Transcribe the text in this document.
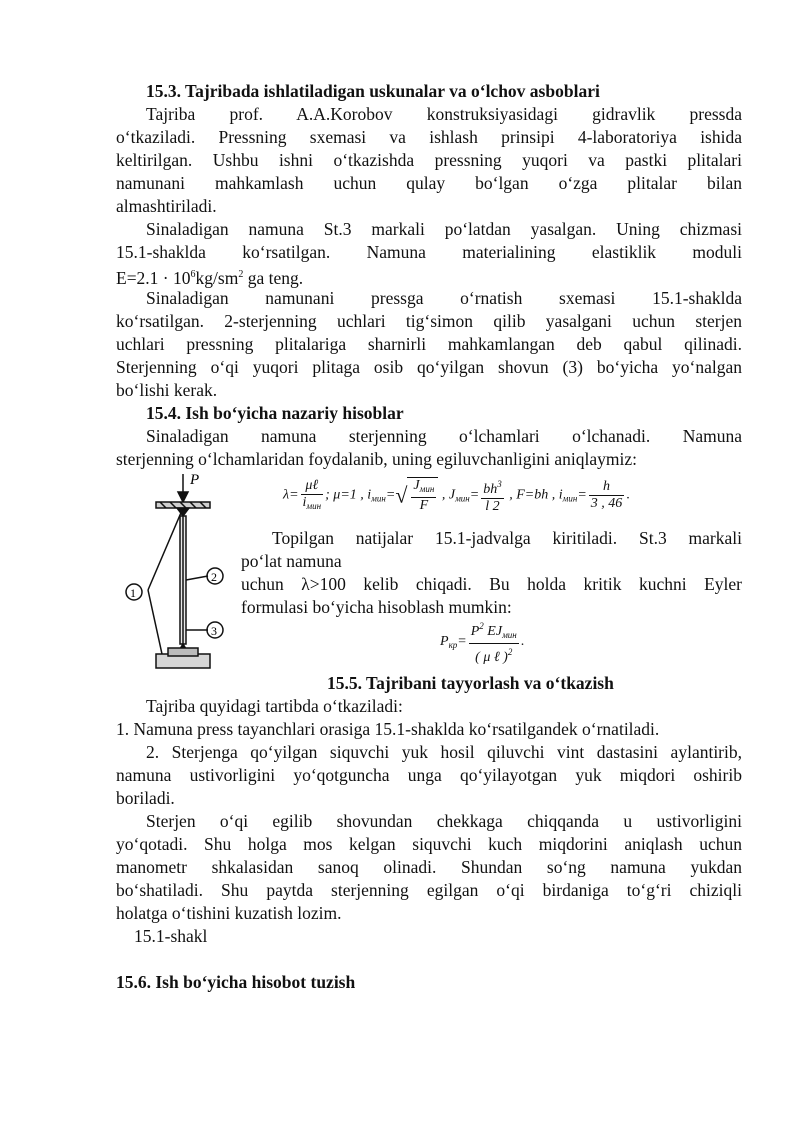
15.3. Tajribada ishlatiladigan uskunalar va o‘lchov asboblari
Tajriba prof. A.A.Korobov konstruksiyasidagi gidravlik pressda
o‘tkaziladi. Pressning sxemasi va ishlash prinsipi 4-laboratoriya ishida
keltirilgan. Ushbu ishni o‘tkazishda pressning yuqori va pastki plitalari
namunani mahkamlash uchun qulay bo‘lgan o‘zga plitalar bilan
almashtiriladi.
Sinaladigan namuna St.3 markali po‘latdan yasalgan. Uning chizmasi
15.1-shaklda ko‘rsatilgan. Namuna materialining elastiklik moduli
$E=2.1 \cdot 10^6kg/sm^2$ ga teng.
Sinaladigan namunani pressga o‘rnatish sxemasi 15.1-shaklda
ko‘rsatilgan. 2-sterjenning uchlari tig‘simon qilib yasalgani uchun sterjen
uchlari pressning plitalariga sharnirli mahkamlangan deb qabul qilinadi.
Sterjenning o‘qi yuqori plitaga osib qo‘yilgan shovun (3) bo‘yicha yo‘nalgan
bo‘lishi kerak.
15.4. Ish bo‘yicha nazariy hisoblar
Sinaladigan namuna sterjenning o‘lchamlari o‘lchanadi. Namuna
sterjenning o‘lchamlaridan foydalanib, uning egiluvchanligini aniqlaymiz:
P
1
2
3
$\lambda= \frac{\text{μℓ}}{i_{мин}}$ ; μ=1 , $i_{мин}=√ \frac{J_{мин}}{F}$ , $J_{мин}= \frac{bh^3}{l 2}$ , F=bh , $i_{мин}= \frac{h}{3 , 46}$ .
Topilgan natijalar 15.1-jadvalga kiritiladi. St.3 markali
po‘lat namuna
uchun λ>100 kelib chiqadi. Bu holda kritik kuchni Eyler
formulasi bo‘yicha hisoblash mumkin:
$P_{кр}= \frac{P^2 EJ_{мин}}{( \mu \ell )^2}$ .
15.5. Tajribani tayyorlash va o‘tkazish
Tajriba quyidagi tartibda o‘tkaziladi:
1. Namuna press tayanchlari orasiga 15.1-shaklda ko‘rsatilgandek o‘rnatiladi.
2. Sterjenga qo‘yilgan siquvchi yuk hosil qiluvchi vint dastasini aylantirib,
namuna ustivorligini yo‘qotguncha unga qo‘yilayotgan yuk miqdori oshirib
boriladi.
Sterjen o‘qi egilib shovundan chekkaga chiqqanda u ustivorligini
yo‘qotadi. Shu holga mos kelgan siquvchi kuch miqdorini aniqlash uchun
manometr shkalasidan sanoq olinadi. Shundan so‘ng namuna yukdan
bo‘shatiladi. Shu paytda sterjenning egilgan o‘qi birdaniga to‘g‘ri chiziqli
holatga o‘tishini kuzatish lozim.
15.1-shakl
15.6. Ish bo‘yicha hisobot tuzish
